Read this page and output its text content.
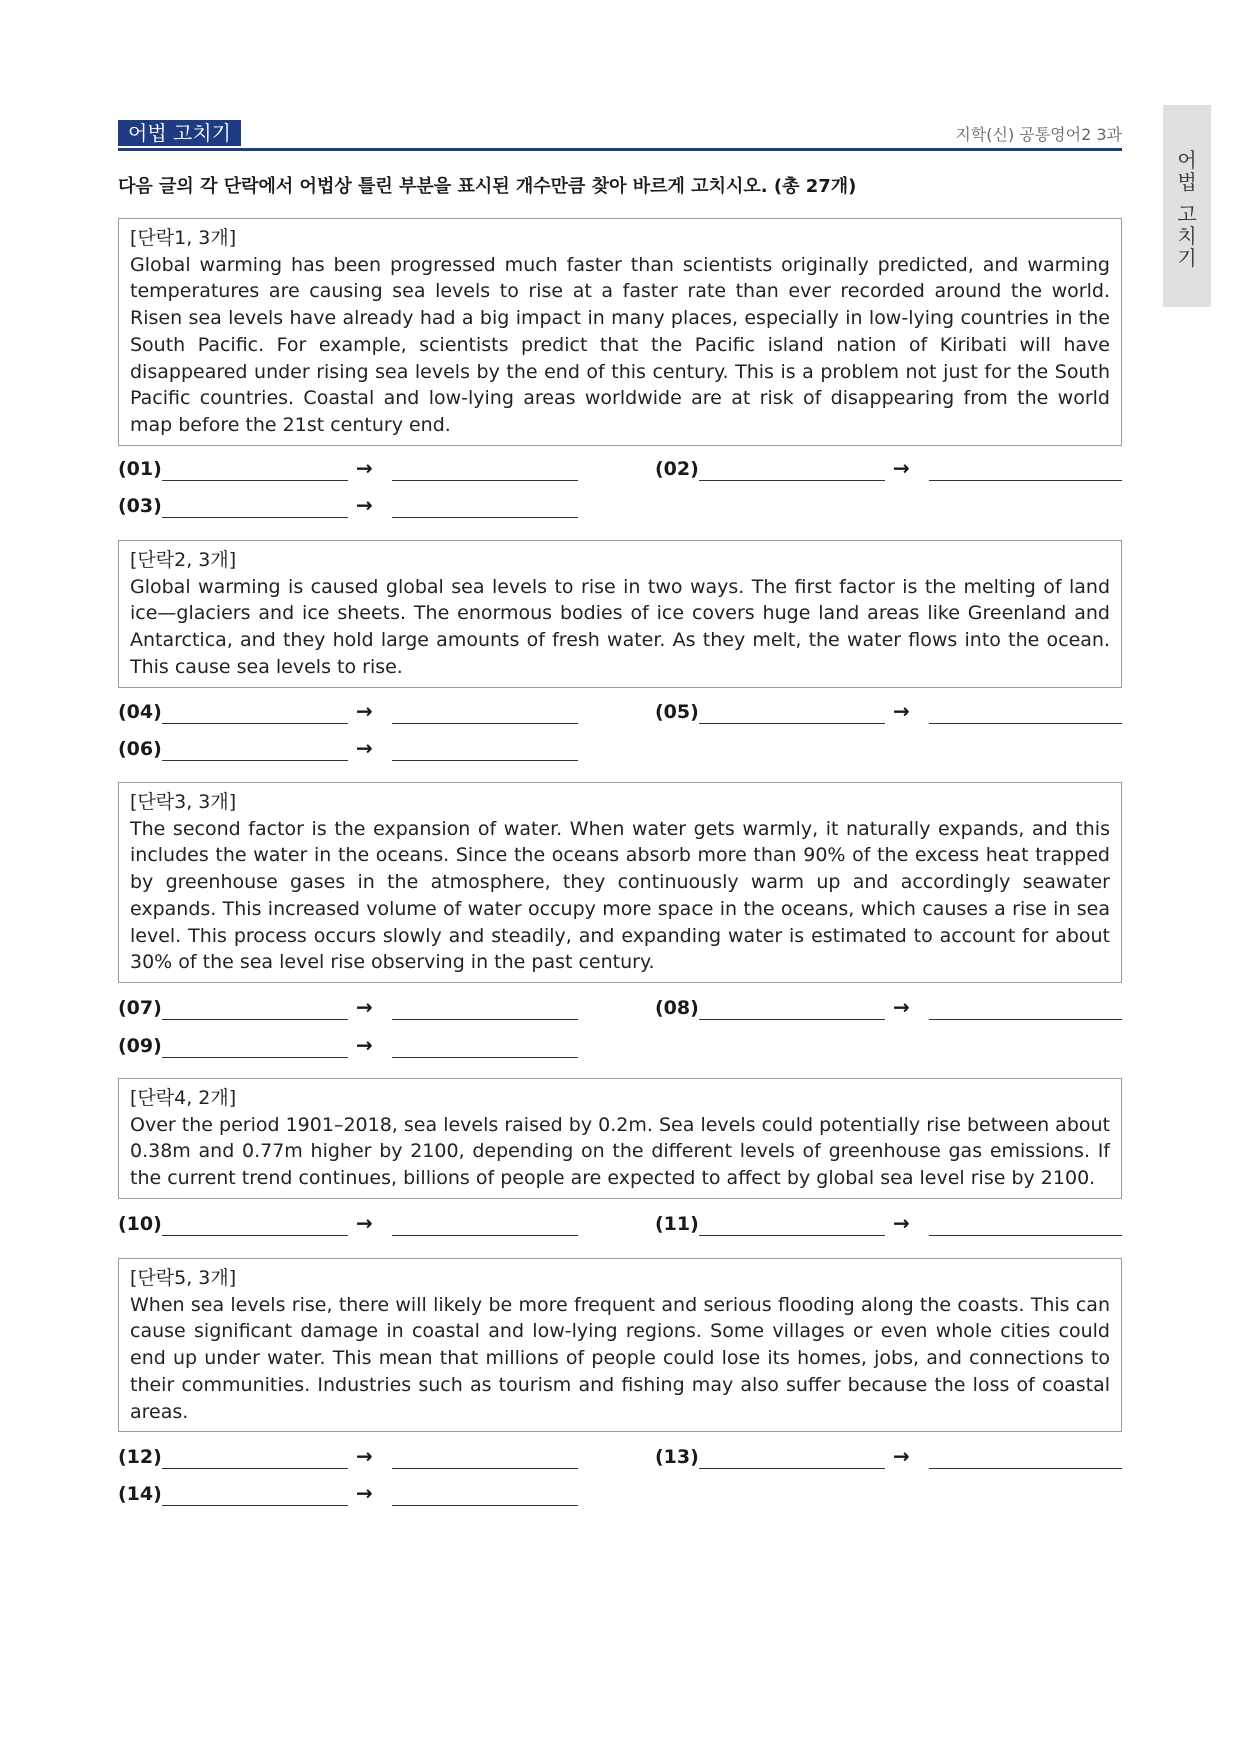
어법 고치기	지학(신) 공통영어2 3과
어
법
고
치
기
다음 글의 각 단락에서 어법상 틀린 부분을 표시된 개수만큼 찾아 바르게 고치시오. (총 27개)
[단락1, 3개]
Global warming has been progressed much faster than scientists originally predicted, and warming temperatures are causing sea levels to rise at a faster rate than ever recorded around the world. Risen sea levels have already had a big impact in many places, especially in low-lying countries in the South Pacific. For example, scientists predict that the Pacific island nation of Kiribati will have disappeared under rising sea levels by the end of this century. This is a problem not just for the South Pacific countries. Coastal and low-lying areas worldwide are at risk of disappearing from the world map before the 21st century end.
(01)	→	(02)	→
(03)	→
[단락2, 3개]
Global warming is caused global sea levels to rise in two ways. The first factor is the melting of land ice—glaciers and ice sheets. The enormous bodies of ice covers huge land areas like Greenland and Antarctica, and they hold large amounts of fresh water. As they melt, the water flows into the ocean. This cause sea levels to rise.
(04)	→	(05)	→
(06)	→
[단락3, 3개]
The second factor is the expansion of water. When water gets warmly, it naturally expands, and this includes the water in the oceans. Since the oceans absorb more than 90% of the excess heat trapped by greenhouse gases in the atmosphere, they continuously warm up and accordingly seawater expands. This increased volume of water occupy more space in the oceans, which causes a rise in sea level. This process occurs slowly and steadily, and expanding water is estimated to account for about 30% of the sea level rise observing in the past century.
(07)	→	(08)	→
(09)	→
[단락4, 2개]
Over the period 1901–2018, sea levels raised by 0.2m. Sea levels could potentially rise between about 0.38m and 0.77m higher by 2100, depending on the different levels of greenhouse gas emissions. If the current trend continues, billions of people are expected to affect by global sea level rise by 2100.
(10)	→	(11)	→
[단락5, 3개]
When sea levels rise, there will likely be more frequent and serious flooding along the coasts. This can cause significant damage in coastal and low-lying regions. Some villages or even whole cities could end up under water. This mean that millions of people could lose its homes, jobs, and connections to their communities. Industries such as tourism and fishing may also suffer because the loss of coastal areas.
(12)	→	(13)	→
(14)	→
